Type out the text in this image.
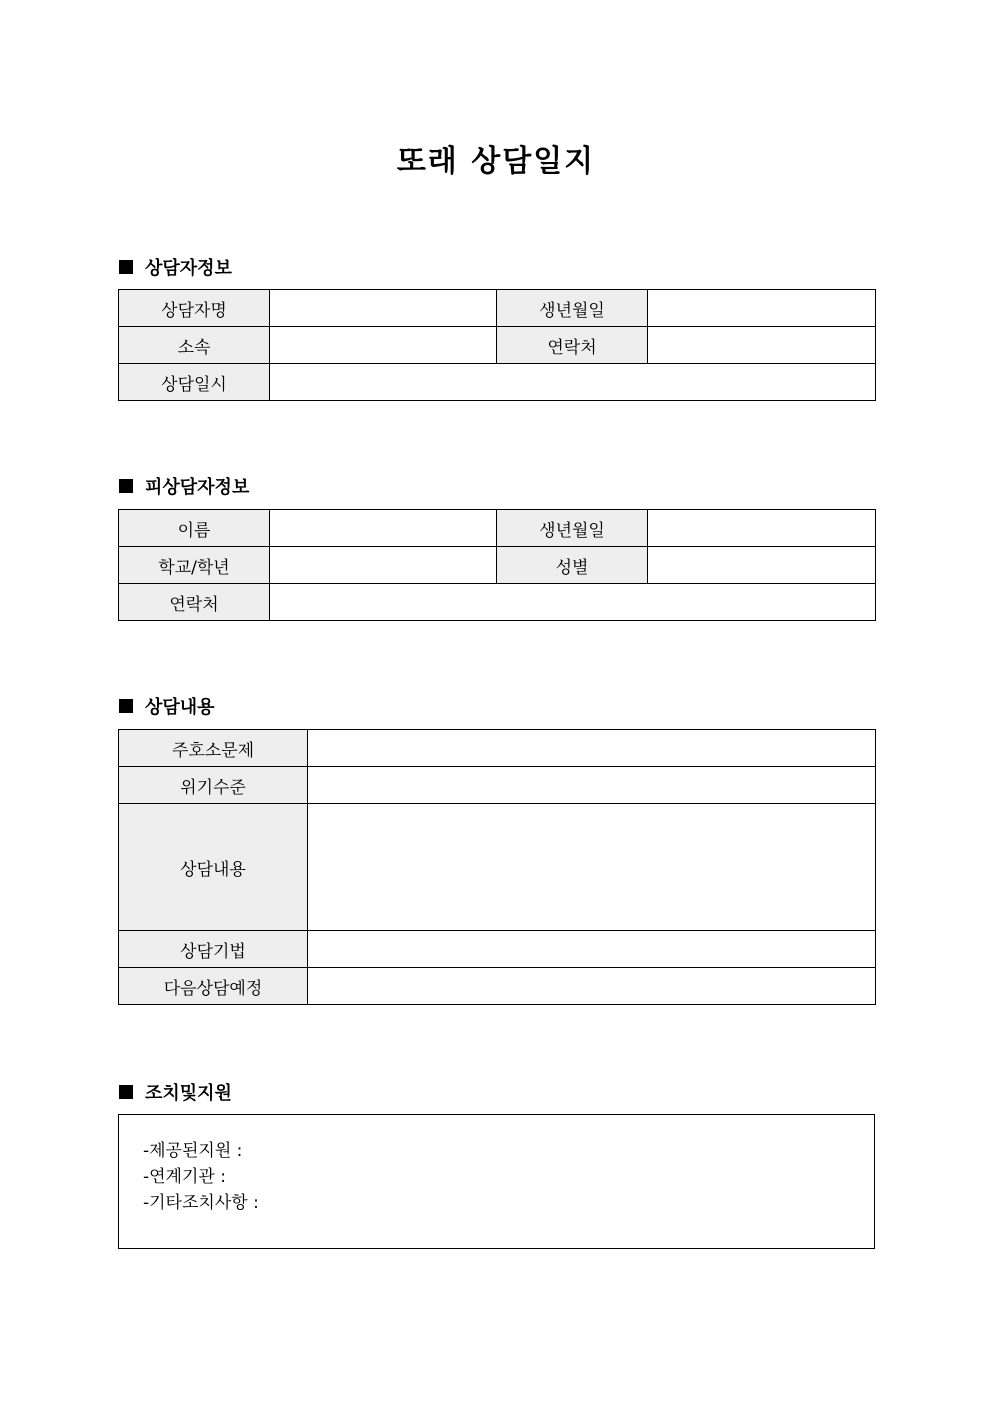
또래 상담일지
상담자정보
상담자명		생년월일	
소속		연락처	
상담일시			
피상담자정보
이름		생년월일	
학교/학년		성별	
연락처			
상담내용
주호소문제	
위기수준	
상담내용	
상담기법	
다음상담예정	
조치및지원
-제공된지원 :
-연계기관 :
-기타조치사항 :
